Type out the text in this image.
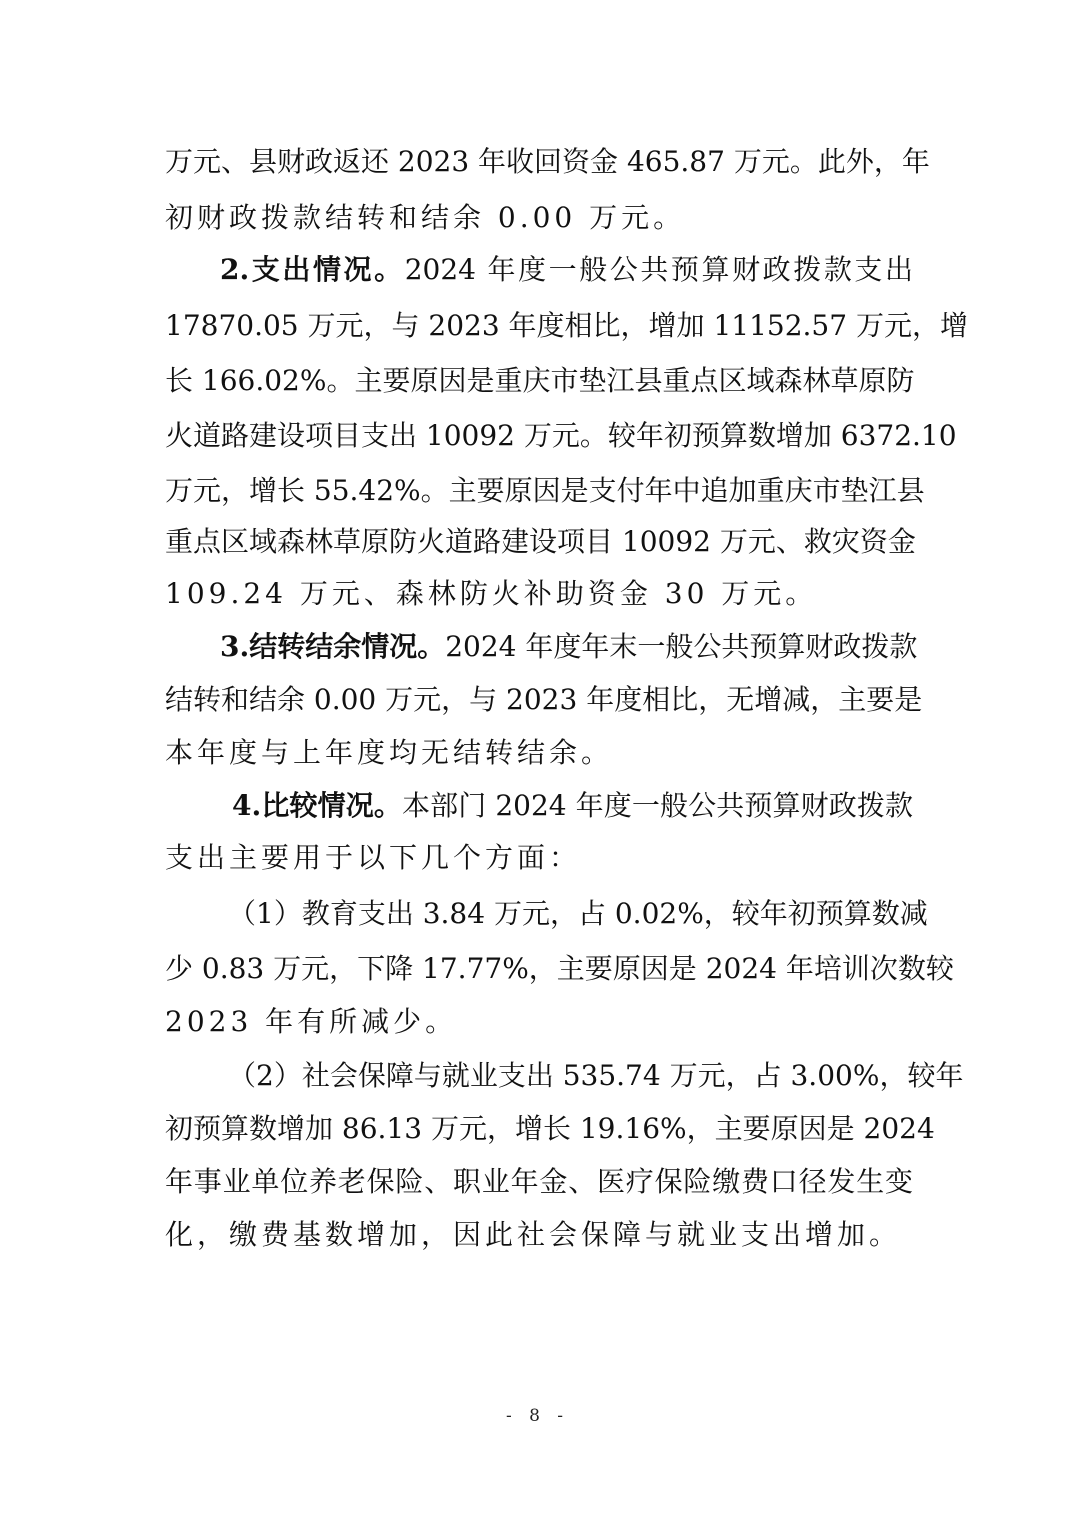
万元、县财政返还 2023 年收回资金 465.87 万元。此外，年
初财政拨款结转和结余 0.00 万元。
2.支出情况。2024 年度一般公共预算财政拨款支出
17870.05 万元，与 2023 年度相比，增加 11152.57 万元，增
长 166.02%。主要原因是重庆市垫江县重点区域森林草原防
火道路建设项目支出 10092 万元。较年初预算数增加 6372.10
万元，增长 55.42%。主要原因是支付年中追加重庆市垫江县
重点区域森林草原防火道路建设项目 10092 万元、救灾资金
109.24 万元、森林防火补助资金 30 万元。
3.结转结余情况。2024 年度年末一般公共预算财政拨款
结转和结余 0.00 万元，与 2023 年度相比，无增减，主要是
本年度与上年度均无结转结余。
4.比较情况。本部门 2024 年度一般公共预算财政拨款
支出主要用于以下几个方面：
（1）教育支出 3.84 万元，占 0.02%，较年初预算数减
少 0.83 万元，下降 17.77%，主要原因是 2024 年培训次数较
2023 年有所减少。
（2）社会保障与就业支出 535.74 万元，占 3.00%，较年
初预算数增加 86.13 万元，增长 19.16%，主要原因是 2024
年事业单位养老保险、职业年金、医疗保险缴费口径发生变
化，缴费基数增加，因此社会保障与就业支出增加。
- 8 -
